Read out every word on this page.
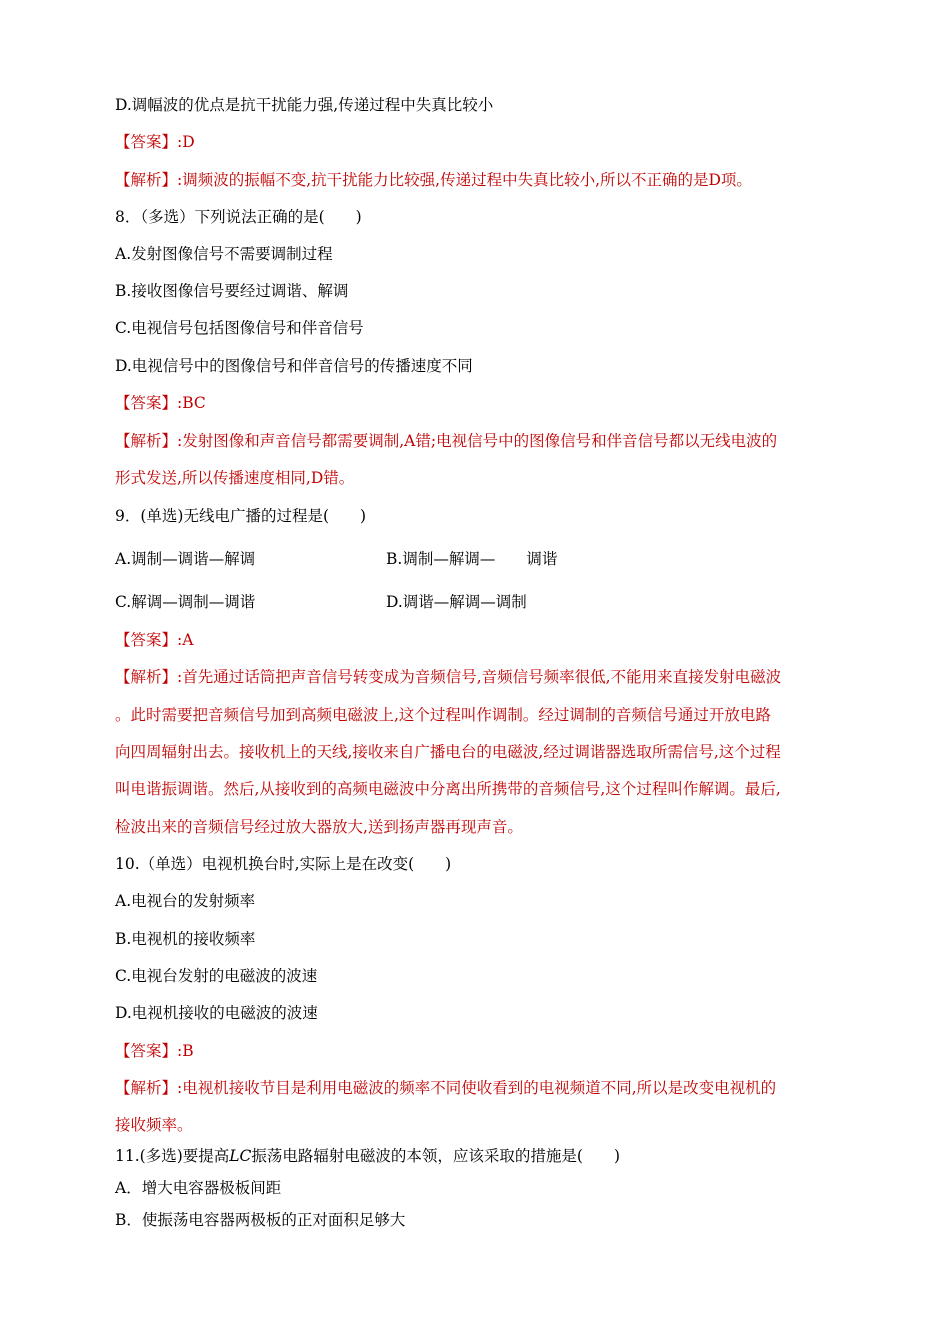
D.调幅波的优点是抗干扰能力强,传递过程中失真比较小
【答案】:D
【解析】:调频波的振幅不变,抗干扰能力比较强,传递过程中失真比较小,所以不正确的是D项。
8．（多选）下列说法正确的是(　　)
A.发射图像信号不需要调制过程
B.接收图像信号要经过调谐、解调
C.电视信号包括图像信号和伴音信号
D.电视信号中的图像信号和伴音信号的传播速度不同
【答案】:BC
【解析】:发射图像和声音信号都需要调制,A错;电视信号中的图像信号和伴音信号都以无线电波的
形式发送,所以传播速度相同,D错。
9．(单选)无线电广播的过程是(　　)
A.调制—调谐—解调	B.调制—解调—　　调谐
C.解调—调制—调谐	D.调谐—解调—调制
【答案】:A
【解析】:首先通过话筒把声音信号转变成为音频信号,音频信号频率很低,不能用来直接发射电磁波
。此时需要把音频信号加到高频电磁波上,这个过程叫作调制。经过调制的音频信号通过开放电路
向四周辐射出去。接收机上的天线,接收来自广播电台的电磁波,经过调谐器选取所需信号,这个过程
叫电谐振调谐。然后,从接收到的高频电磁波中分离出所携带的音频信号,这个过程叫作解调。最后,
检波出来的音频信号经过放大器放大,送到扬声器再现声音。
10.（单选）电视机换台时,实际上是在改变(　　)
A.电视台的发射频率
B.电视机的接收频率
C.电视台发射的电磁波的波速
D.电视机接收的电磁波的波速
【答案】:B
【解析】:电视机接收节目是利用电磁波的频率不同使收看到的电视频道不同,所以是改变电视机的
接收频率。
11.(多选)要提高LC振荡电路辐射电磁波的本领，应该采取的措施是(　　)
A．增大电容器极板间距
B．使振荡电容器两极板的正对面积足够大
